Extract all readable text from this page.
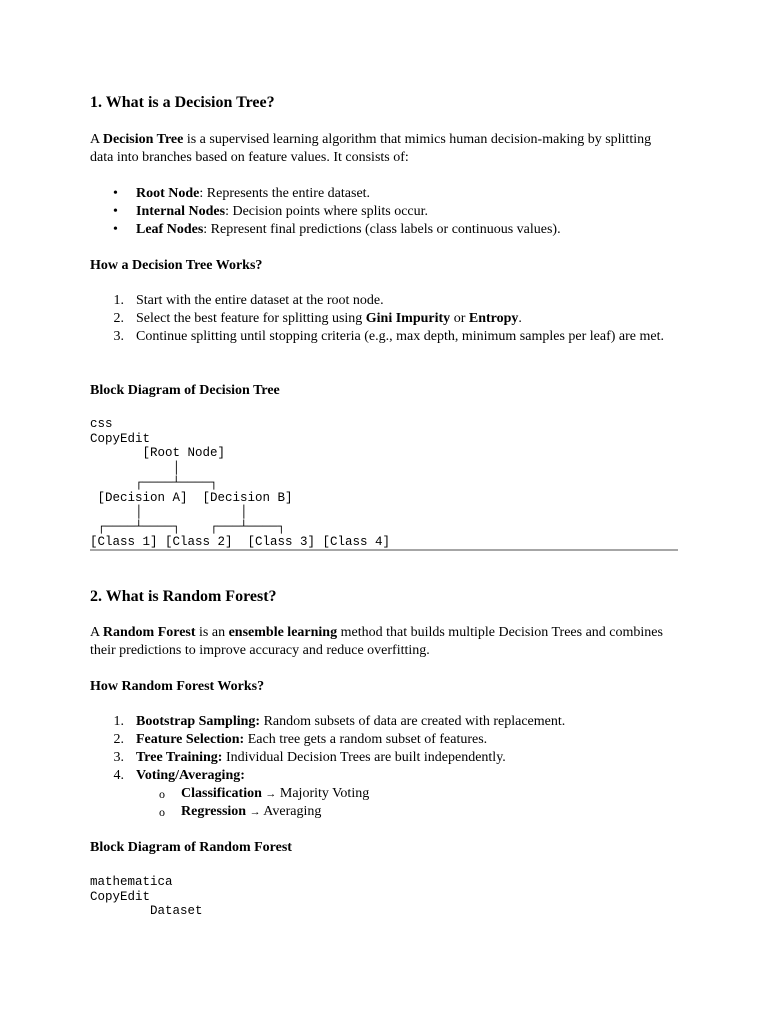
1. What is a Decision Tree?

A Decision Tree is a supervised learning algorithm that mimics human decision-making by splitting data into branches based on feature values. It consists of:

• Root Node: Represents the entire dataset.
• Internal Nodes: Decision points where splits occur.
• Leaf Nodes: Represent final predictions (class labels or continuous values).
How a Decision Tree Works?
1. Start with the entire dataset at the root node.
2. Select the best feature for splitting using Gini Impurity or Entropy.
3. Continue splitting until stopping criteria (e.g., max depth, minimum samples per leaf) are met.
Block Diagram of Decision Tree
css
CopyEdit
[Root Node]
│
┌────┴────┐
[Decision A]  [Decision B]
│             │
┌────┴────┐    ┌───┴────┐
[Class 1] [Class 2]  [Class 3] [Class 4]
2. What is Random Forest?

A Random Forest is an ensemble learning method that builds multiple Decision Trees and combines their predictions to improve accuracy and reduce overfitting.

How Random Forest Works?
1. Bootstrap Sampling: Random subsets of data are created with replacement.
2. Feature Selection: Each tree gets a random subset of features.
3. Tree Training: Individual Decision Trees are built independently.
4. Voting/Averaging:
o Classification → Majority Voting
o Regression → Averaging
Block Diagram of Random Forest
mathematica
CopyEdit
Dataset
